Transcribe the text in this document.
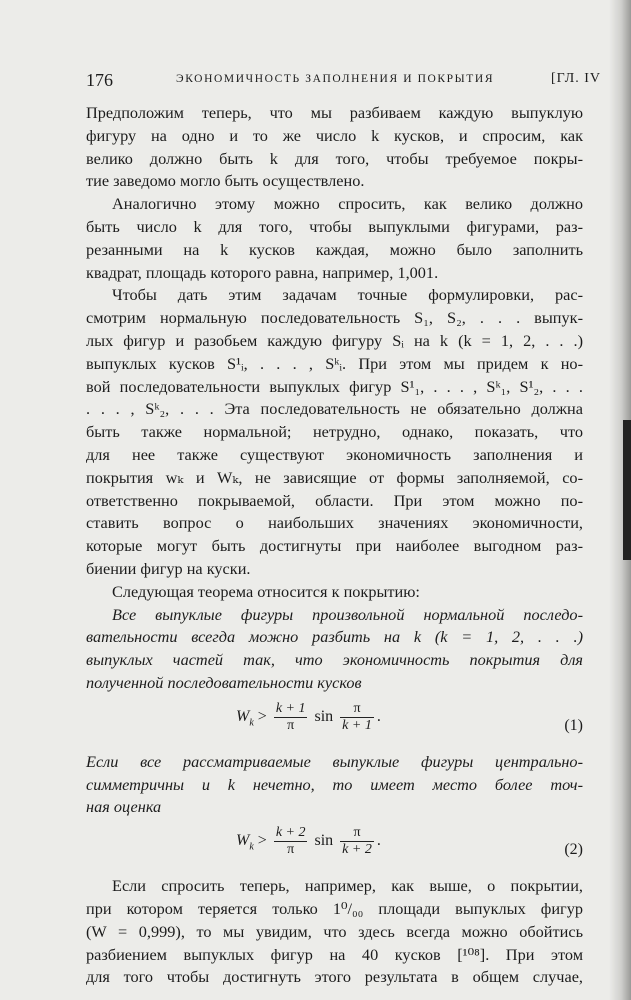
176	ЭКОНОМИЧНОСТЬ ЗАПОЛНЕНИЯ И ПОКРЫТИЯ	[ГЛ. IV

Предположим теперь, что мы разбиваем каждую выпуклую
фигуру на одно и то же число k кусков, и спросим, как
велико должно быть k для того, чтобы требуемое покры-
тие заведомо могло быть осуществлено.

Аналогично этому можно спросить, как велико должно
быть число k для того, чтобы выпуклыми фигурами, раз-
резанными на k кусков каждая, можно было заполнить
квадрат, площадь которого равна, например, 1,001.

Чтобы дать этим задачам точные формулировки, рас-
смотрим нормальную последовательность S₁, S₂, . . . выпук-
лых фигур и разобьем каждую фигуру Sᵢ на k (k = 1, 2, . . .)
выпуклых кусков S¹ᵢ, . . . , Sᵏᵢ. При этом мы придем к но-
вой последовательности выпуклых фигур S¹₁, . . . , Sᵏ₁, S¹₂, . . .
. . . , Sᵏ₂, . . . Эта последовательность не обязательно должна
быть также нормальной; нетрудно, однако, показать, что
для нее также существуют экономичность заполнения и
покрытия wₖ и Wₖ, не зависящие от формы заполняемой, со-
ответственно покрываемой, области. При этом можно по-
ставить вопрос о наибольших значениях экономичности,
которые могут быть достигнуты при наиболее выгодном раз-
биении фигур на куски.

Следующая теорема относится к покрытию:

Все выпуклые фигуры произвольной нормальной последо-
вательности всегда можно разбить на k (k = 1, 2, . . .)
выпуклых частей так, что экономичность покрытия для
полученной последовательности кусков

$W_k > \frac{k + 1}{\pi}$ $\sin \frac{\pi}{k + 1}$ .
(1)

Если все рассматриваемые выпуклые фигуры центрально-
симметричны и k нечетно, то имеет место более точ-
ная оценка

$W_k > \frac{k + 2}{\pi}$ $\sin \frac{\pi}{k + 2}$ .
(2)

Если спросить теперь, например, как выше, о покрытии,
при котором теряется только 1⁰/₀₀ площади выпуклых фигур
(W = 0,999), то мы увидим, что здесь всегда можно обойтись
разбиением выпуклых фигур на 40 кусков [¹⁰⁸]. При этом
для того чтобы достигнуть этого результата в общем случае,
